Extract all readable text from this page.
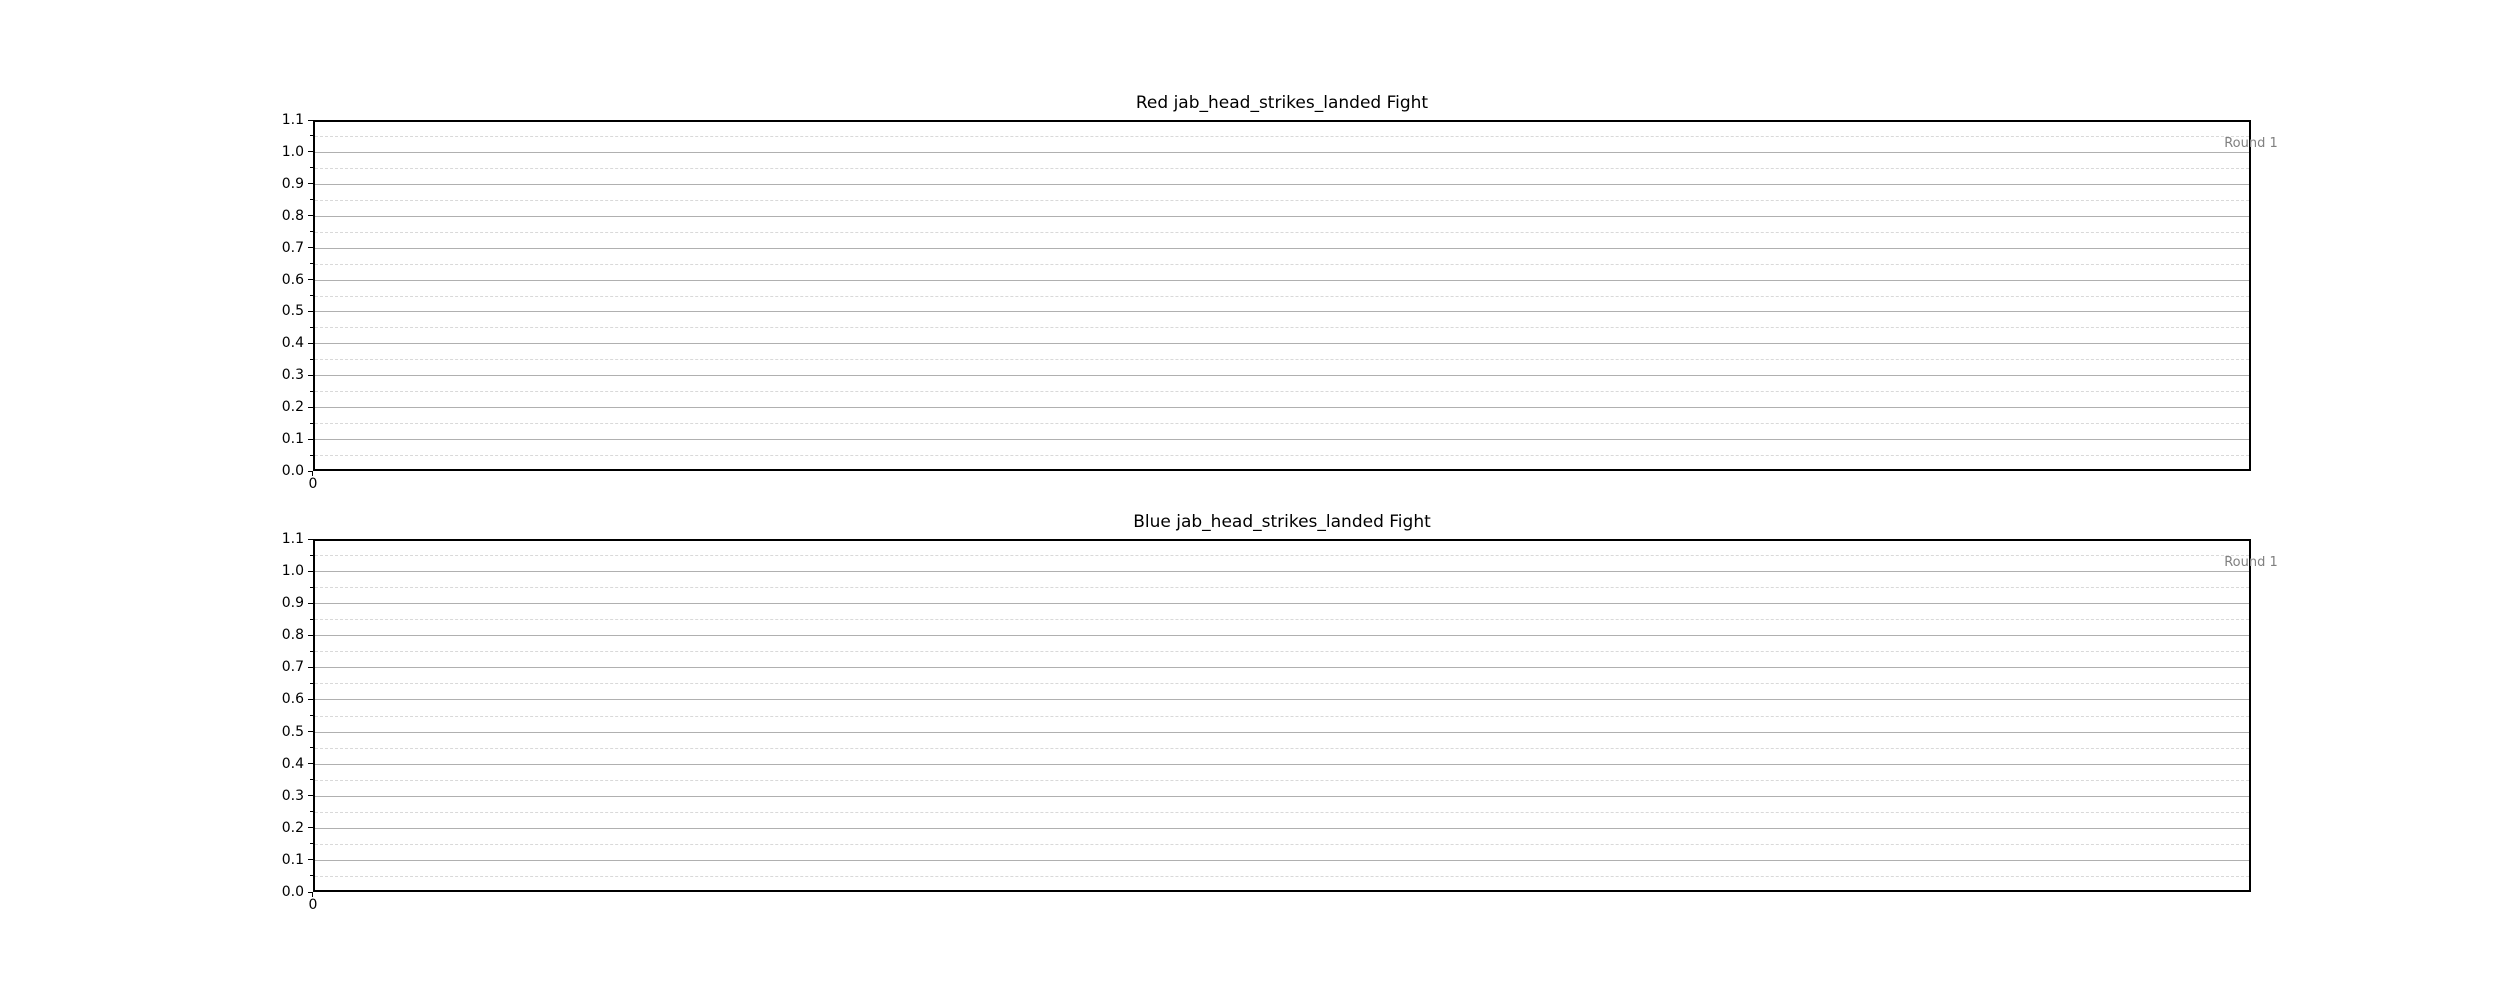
Red jab_head_strikes_landed Fight
1.1
1.0
0.9
0.8
0.7
0.6
0.5
0.4
0.3
0.2
0.1
0.0
0
Round 1
Blue jab_head_strikes_landed Fight
1.1
1.0
0.9
0.8
0.7
0.6
0.5
0.4
0.3
0.2
0.1
0.0
0
Round 1
